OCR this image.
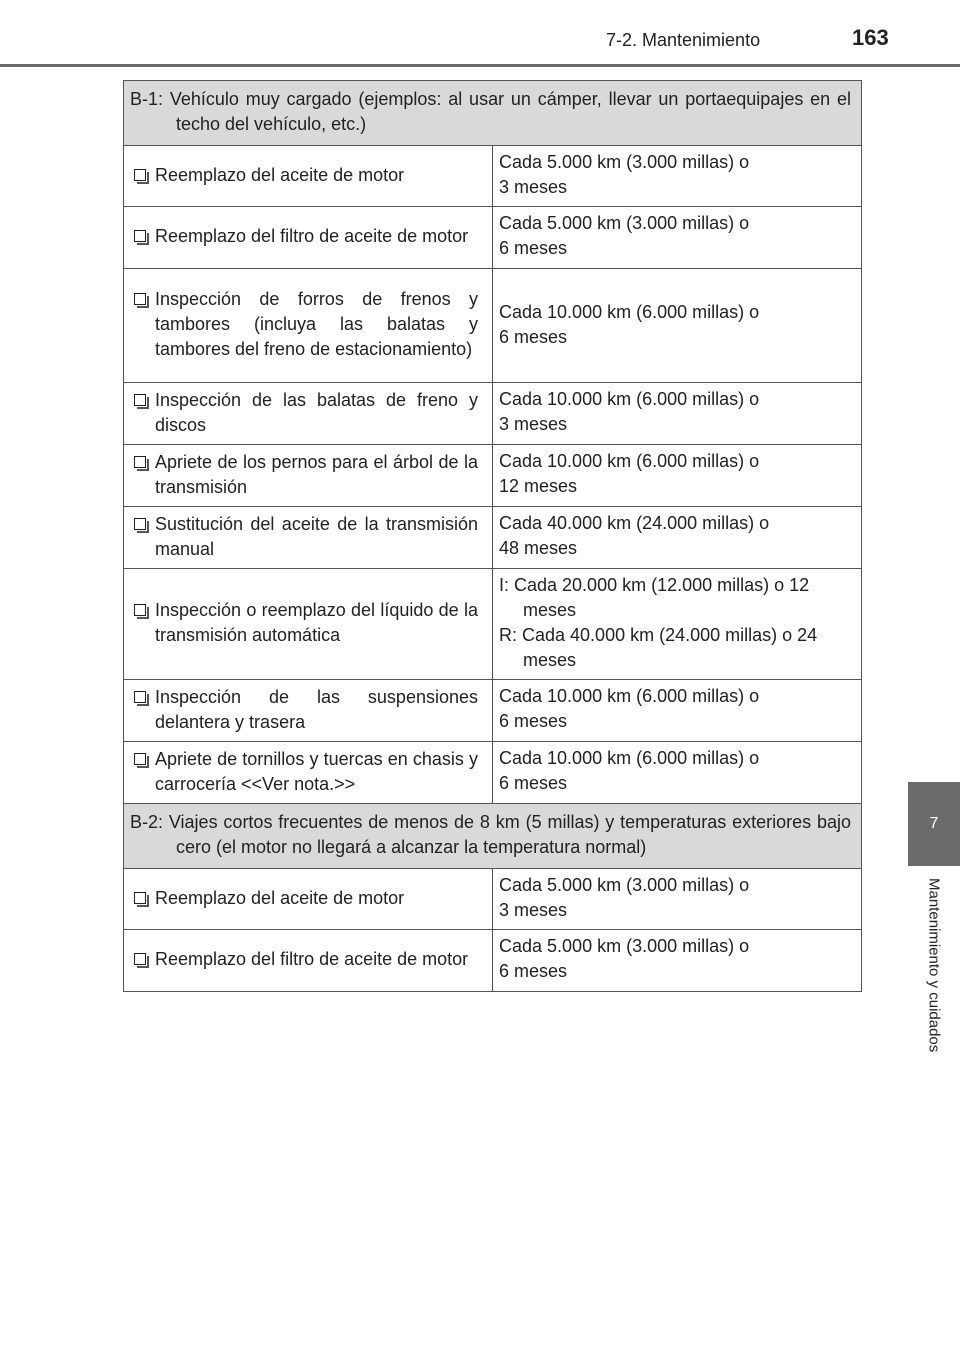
7-2. Mantenimiento	163
7
Mantenimiento y cuidados
B-1: Vehículo muy cargado (ejemplos: al usar un cámper, llevar un portaequipajes en el techo del vehículo, etc.)	

Reemplazo del aceite de motor	Cada 5.000 km (3.000 millas) o
3 meses

Reemplazo del filtro de aceite de motor	Cada 5.000 km (3.000 millas) o
6 meses

Inspección de forros de frenos y tambores (incluya las balatas y tambores del freno de estacionamiento)	Cada 10.000 km (6.000 millas) o
6 meses

Inspección de las balatas de freno y discos	Cada 10.000 km (6.000 millas) o
3 meses

Apriete de los pernos para el árbol de la transmisión	Cada 10.000 km (6.000 millas) o
12 meses

Sustitución del aceite de la transmisión manual	Cada 40.000 km (24.000 millas) o
48 meses

Inspección o reemplazo del líquido de la transmisión automática	I: Cada 20.000 km (12.000 millas) o 12 meses
R: Cada 40.000 km (24.000 millas) o 24 meses

Inspección de las suspensiones delantera y trasera	Cada 10.000 km (6.000 millas) o
6 meses

Apriete de tornillos y tuercas en chasis y carrocería <<Ver nota.>>	Cada 10.000 km (6.000 millas) o
6 meses

B-2: Viajes cortos frecuentes de menos de 8 km (5 millas) y temperaturas exteriores bajo cero (el motor no llegará a alcanzar la temperatura normal)	

Reemplazo del aceite de motor	Cada 5.000 km (3.000 millas) o
3 meses

Reemplazo del filtro de aceite de motor	Cada 5.000 km (3.000 millas) o
6 meses
